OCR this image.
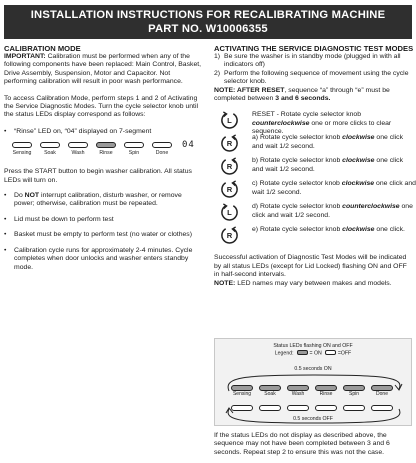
INSTALLATION INSTRUCTIONS FOR RECALIBRATING MACHINE
PART NO. W10006355
CALIBRATION MODE
IMPORTANT: Calibration must be performed when any of the following components have been replaced: Main Control, Basket, Drive Assembly, Suspension, Motor and Capacitor. Not performing calibration will result in poor wash performance.
To access Calibration Mode, perform steps 1 and 2 of Activating the Service Diagnostic Modes. Turn the cycle selector knob until the status LEDs display correspond as follows:
• “Rinse” LED on, “04” displayed on 7-segment
04
Sensing	Soak	Wash	Rinse	Spin	Done
Press the START button to begin washer calibration. All status LEDs will turn on.
• Do NOT interrupt calibration, disturb washer, or remove power; otherwise, calibration must be repeated.
• Lid must be down to perform test
• Basket must be empty to perform test (no water or clothes)
• Calibration cycle runs for approximately 2-4 minutes. Cycle completes when door unlocks and washer enters standby mode.
ACTIVATING THE SERVICE DIAGNOSTIC TEST MODES
1) Be sure the washer is in standby mode (plugged in with all indicators off)
2) Perform the following sequence of movement using the cycle selector knob.
NOTE: AFTER RESET, sequence “a” through “e” must be completed between 3 and 6 seconds.
L
RESET - Rotate cycle selector knob counterclockwise one or more clicks to clear sequence.
R
a) Rotate cycle selector knob clockwise one click and wait 1/2 second.
R
b) Rotate cycle selector knob clockwise one click and wait 1/2 second.
R
c) Rotate cycle selector knob clockwise one click and wait 1/2 second.
L
d) Rotate cycle selector knob counterclockwise one click and wait 1/2 second.
R
e) Rotate cycle selector knob clockwise one click.
Successful activation of Diagnostic Test Modes will be indicated by all status LEDs (except for Lid Locked) flashing ON and OFF in half-second intervals.
NOTE: LED names may vary between makes and models.
Status LEDs flashing ON and OFF
Legend:	= ON	=OFF
0.5 seconds ON
Sensing	Soak	Wash	Rinse	Spin	Done
0.5 seconds OFF
If the status LEDs do not display as described above, the sequence may not have been completed between 3 and 6 seconds. Repeat step 2 to ensure this was not the case.
